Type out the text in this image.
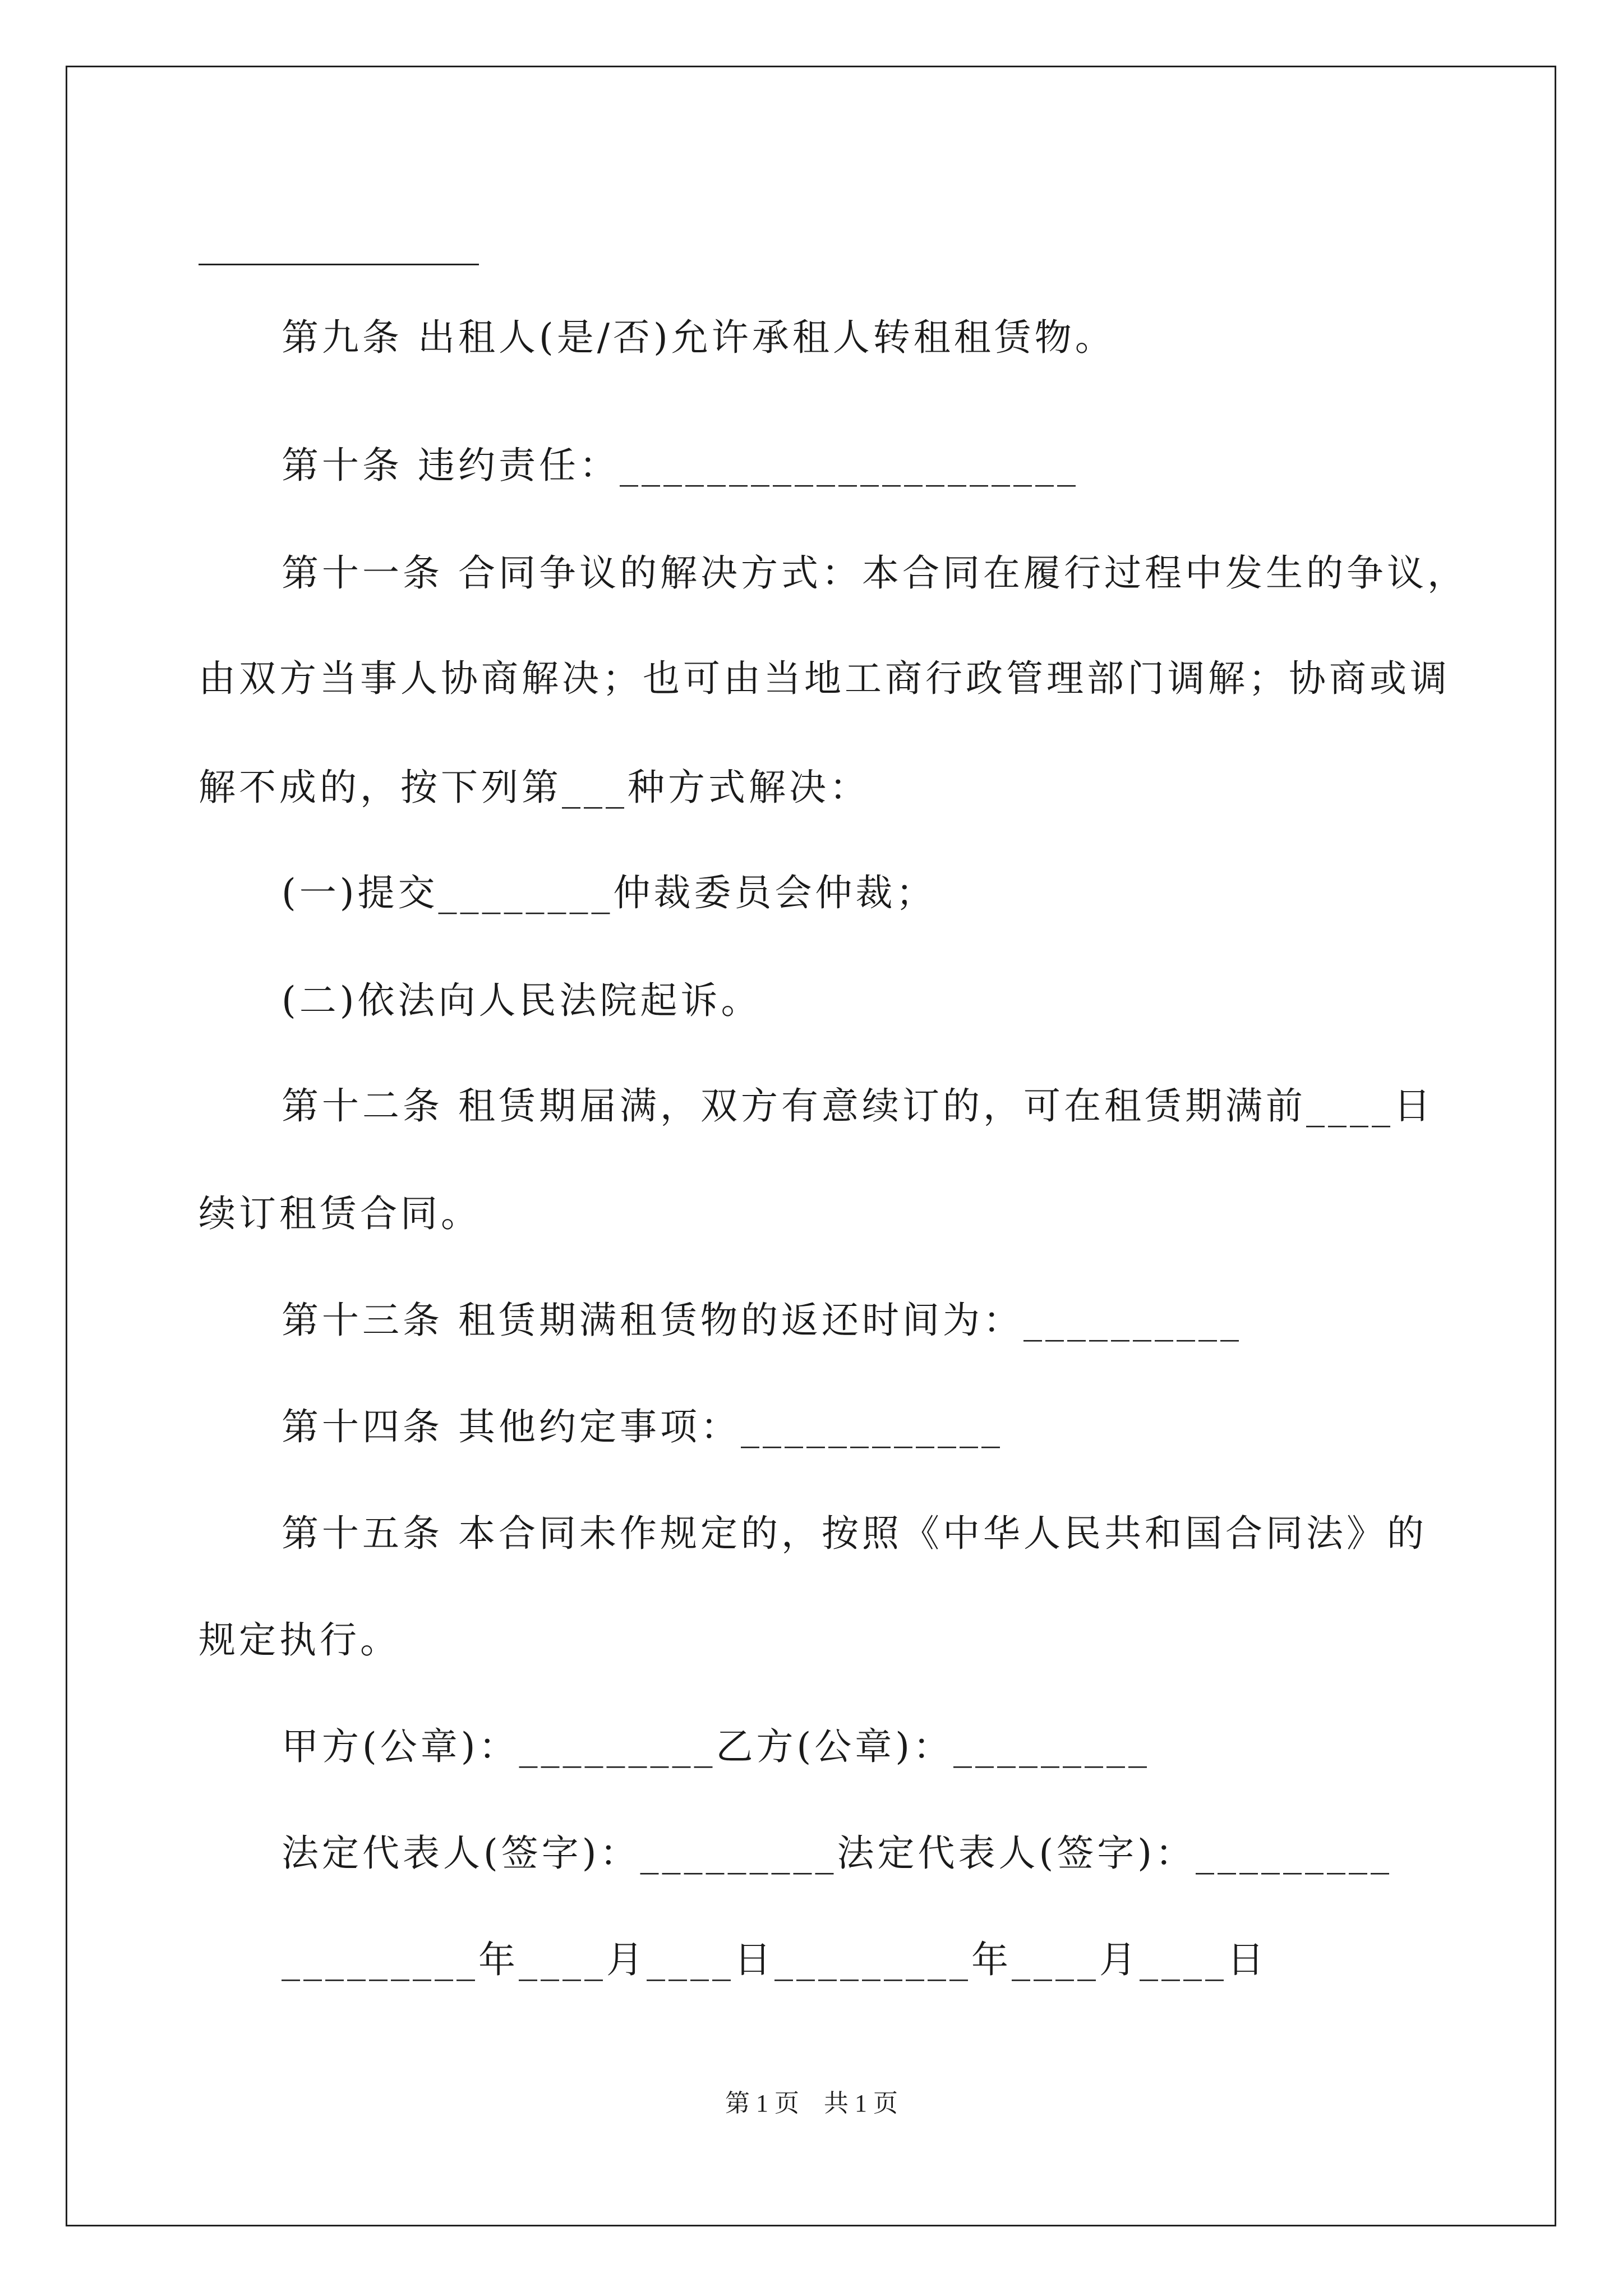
第九条 出租人(是/否)允许承租人转租租赁物。
第十条 违约责任：_____________________
第十一条 合同争议的解决方式：本合同在履行过程中发生的争议，
由双方当事人协商解决；也可由当地工商行政管理部门调解；协商或调
解不成的，按下列第___种方式解决：
(一)提交________仲裁委员会仲裁；
(二)依法向人民法院起诉。
第十二条 租赁期届满，双方有意续订的，可在租赁期满前____日
续订租赁合同。
第十三条 租赁期满租赁物的返还时间为：__________
第十四条 其他约定事项：____________
第十五条 本合同未作规定的，按照《中华人民共和国合同法》的
规定执行。
甲方(公章)：_________乙方(公章)：_________
法定代表人(签字)：_________法定代表人(签字)：_________
_________年____月____日_________年____月____日
第 1 页　共 1 页
